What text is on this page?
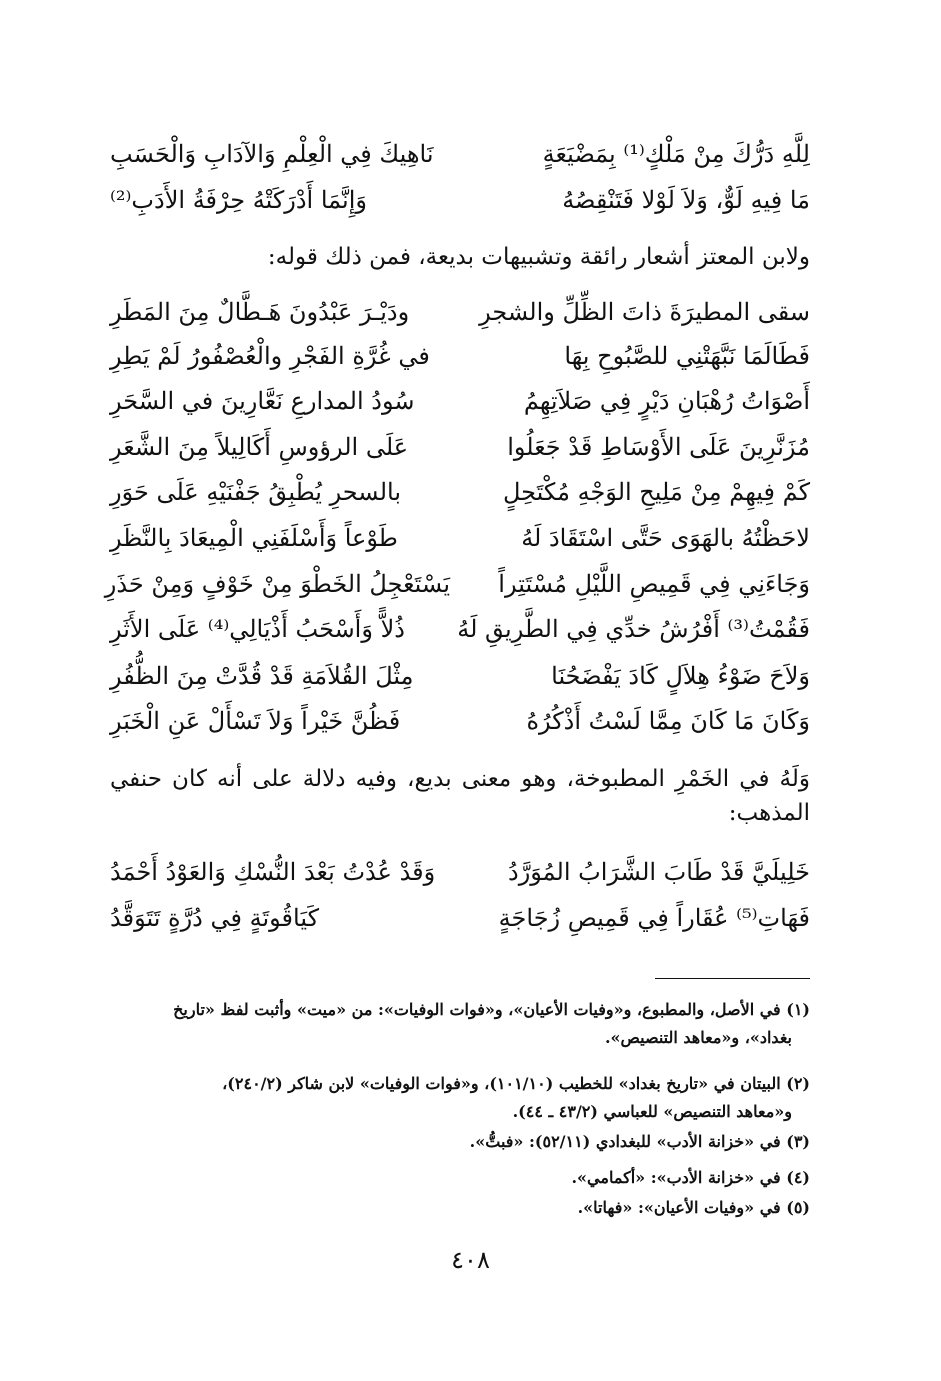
لِلَّهِ دَرُّكَ مِنْ مَلْكٍ⁽¹⁾ بِمَضْيَعَةٍ
نَاهِيكَ فِي الْعِلْمِ وَالآدَابِ وَالْحَسَبِ
مَا فِيهِ لَوٌّ، وَلاَ لَوْلا فَتَنْقِصُهُ
وَإِنَّمَا أَدْرَكَتْهُ حِرْفَةُ الأَدَبِ⁽²⁾
ولابن المعتز أشعار رائقة وتشبيهات بديعة، فمن ذلك قوله:
سقى المطيرَةَ ذاتَ الظِّلِّ والشجرِ
ودَيْـرَ عَبْدُونَ هَـطَّالٌ مِنَ المَطَرِ
فَطَالَمَا نَبَّهَتْنِي للصَّبُوحِ بِهَا
في غُرَّةِ الفَجْرِ والْعُصْفُورُ لَمْ يَطِرِ
أَصْوَاتُ رُهْبَانِ دَيْرٍ فِي صَلاَتِهِمُ
سُودُ المدارعِ نَعَّارِينَ في السَّحَرِ
مُزَنَّرِينَ عَلَى الأَوْسَاطِ قَدْ جَعَلُوا
عَلَى الرؤوسِ أَكَالِيلاً مِنَ الشَّعَرِ
كَمْ فِيهِمْ مِنْ مَلِيحِ الوَجْهِ مُكْتَحِلٍ
بالسحرِ يُطْبِقُ جَفْنَيْهِ عَلَى حَوَرِ
لاحَظْتُهُ بالهَوَى حَتَّى اسْتَقَادَ لَهُ
طَوْعاً وَأَسْلَفَنِي الْمِيعَادَ بِالنَّظَرِ
وَجَاءَنِي فِي قَمِيصِ اللَّيْلِ مُسْتَتِراً
يَسْتَعْجِلُ الخَطْوَ مِنْ خَوْفٍ وَمِنْ حَذَرِ
فَقُمْتُ⁽³⁾ أَفْرُشُ خدِّي فِي الطَّرِيقِ لَهُ
ذُلاًّ وَأَسْحَبُ أَذْيَالِي⁽⁴⁾ عَلَى الأَثَرِ
وَلاَحَ ضَوْءُ هِلاَلٍ كَادَ يَفْضَحُنَا
مِثْلَ القُلاَمَةِ قَدْ قُدَّتْ مِنَ الظُّفُرِ
وَكَانَ مَا كَانَ مِمَّا لَسْتُ أَذْكُرُهُ
فَظُنَّ خَيْراً وَلاَ تَسْأَلْ عَنِ الْخَبَرِ
وَلَهُ في الخَمْرِ المطبوخة، وهو معنى بديع، وفيه دلالة على أنه كان حنفي المذهب:
خَلِيلَيَّ قَدْ طَابَ الشَّرَابُ المُوَرَّدُ
وَقَدْ عُدْتُ بَعْدَ النُّسْكِ وَالعَوْدُ أَحْمَدُ
فَهَاتِ⁽⁵⁾ عُقَاراً فِي قَمِيصِ زُجَاجَةٍ
كَيَاقُوتَةٍ فِي دُرَّةٍ تَتَوَقَّدُ
(١) في الأصل، والمطبوع، و«وفيات الأعيان»، و«فوات الوفيات»: من «ميت» وأثبت لفظ «تاريخ
بغداد»، و«معاهد التنصيص».
(٢) البيتان في «تاريخ بغداد» للخطيب (١٠١/١٠)، و«فوات الوفيات» لابن شاكر (٢٤٠/٢)،
و«معاهد التنصيص» للعباسي (٤٣/٢ ـ ٤٤).
(٣) في «خزانة الأدب» للبغدادي (٥٢/١١): «فبتُّ».
(٤) في «خزانة الأدب»: «أكمامي».
(٥) في «وفيات الأعيان»: «فهاتا».
٤٠٨
